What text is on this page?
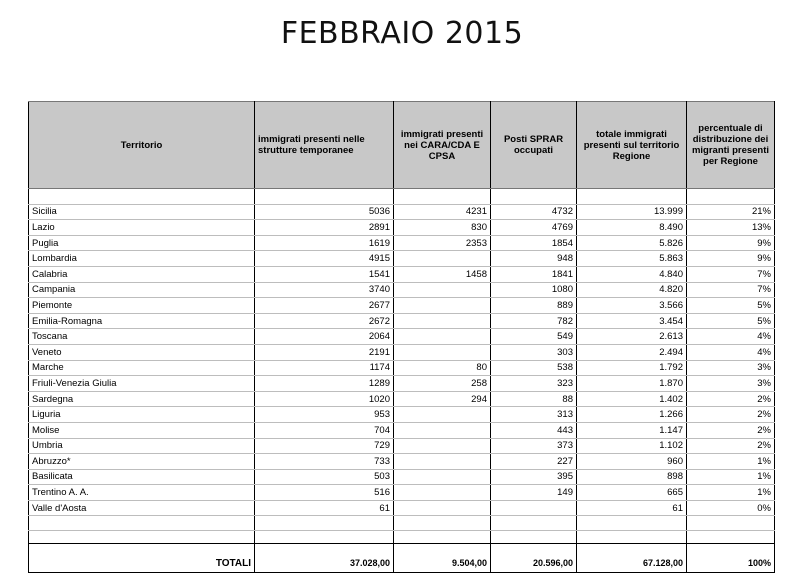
FEBBRAIO 2015
Territorio	immigrati presenti nelle strutture temporanee	immigrati presenti nei CARA/CDA E CPSA	Posti SPRAR occupati	totale immigrati presenti sul territorio Regione	percentuale di distribuzione dei migranti presenti per Regione

Sicilia	5036	4231	4732	13.999	21%
Lazio	2891	830	4769	8.490	13%
Puglia	1619	2353	1854	5.826	9%
Lombardia	4915		948	5.863	9%
Calabria	1541	1458	1841	4.840	7%
Campania	3740		1080	4.820	7%
Piemonte	2677		889	3.566	5%
Emilia-Romagna	2672		782	3.454	5%
Toscana	2064		549	2.613	4%
Veneto	2191		303	2.494	4%
Marche	1174	80	538	1.792	3%
Friuli-Venezia Giulia	1289	258	323	1.870	3%
Sardegna	1020	294	88	1.402	2%
Liguria	953		313	1.266	2%
Molise	704		443	1.147	2%
Umbria	729		373	1.102	2%
Abruzzo*	733		227	960	1%
Basilicata	503		395	898	1%
Trentino A. A.	516		149	665	1%
Valle d'Aosta	61			61	0%

TOTALI	37.028,00	9.504,00	20.596,00	67.128,00	100%
